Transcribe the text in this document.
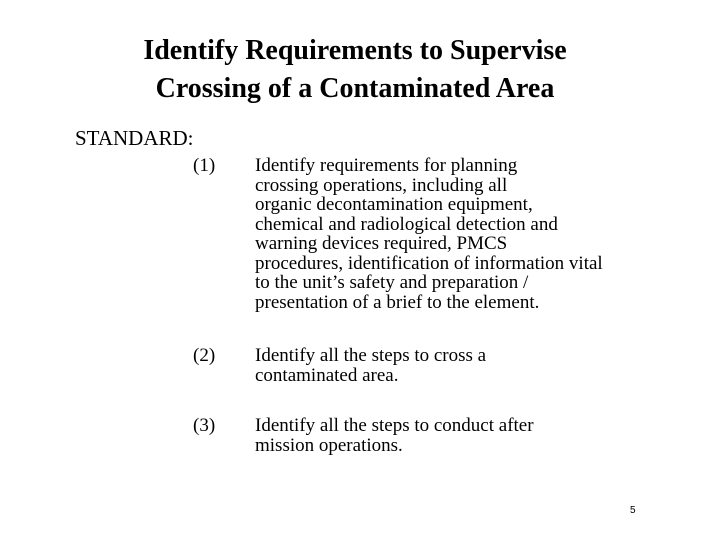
Identify Requirements to Supervise
Crossing of a Contaminated Area
STANDARD:
(1) Identify requirements for planning
crossing operations, including all
organic decontamination equipment,
chemical and radiological detection and
warning devices required, PMCS
procedures, identification of information vital
to the unit’s safety and preparation /
presentation of a brief to the element.
(2) Identify all the steps to cross a
contaminated area.
(3) Identify all the steps to conduct after
mission operations.
5
